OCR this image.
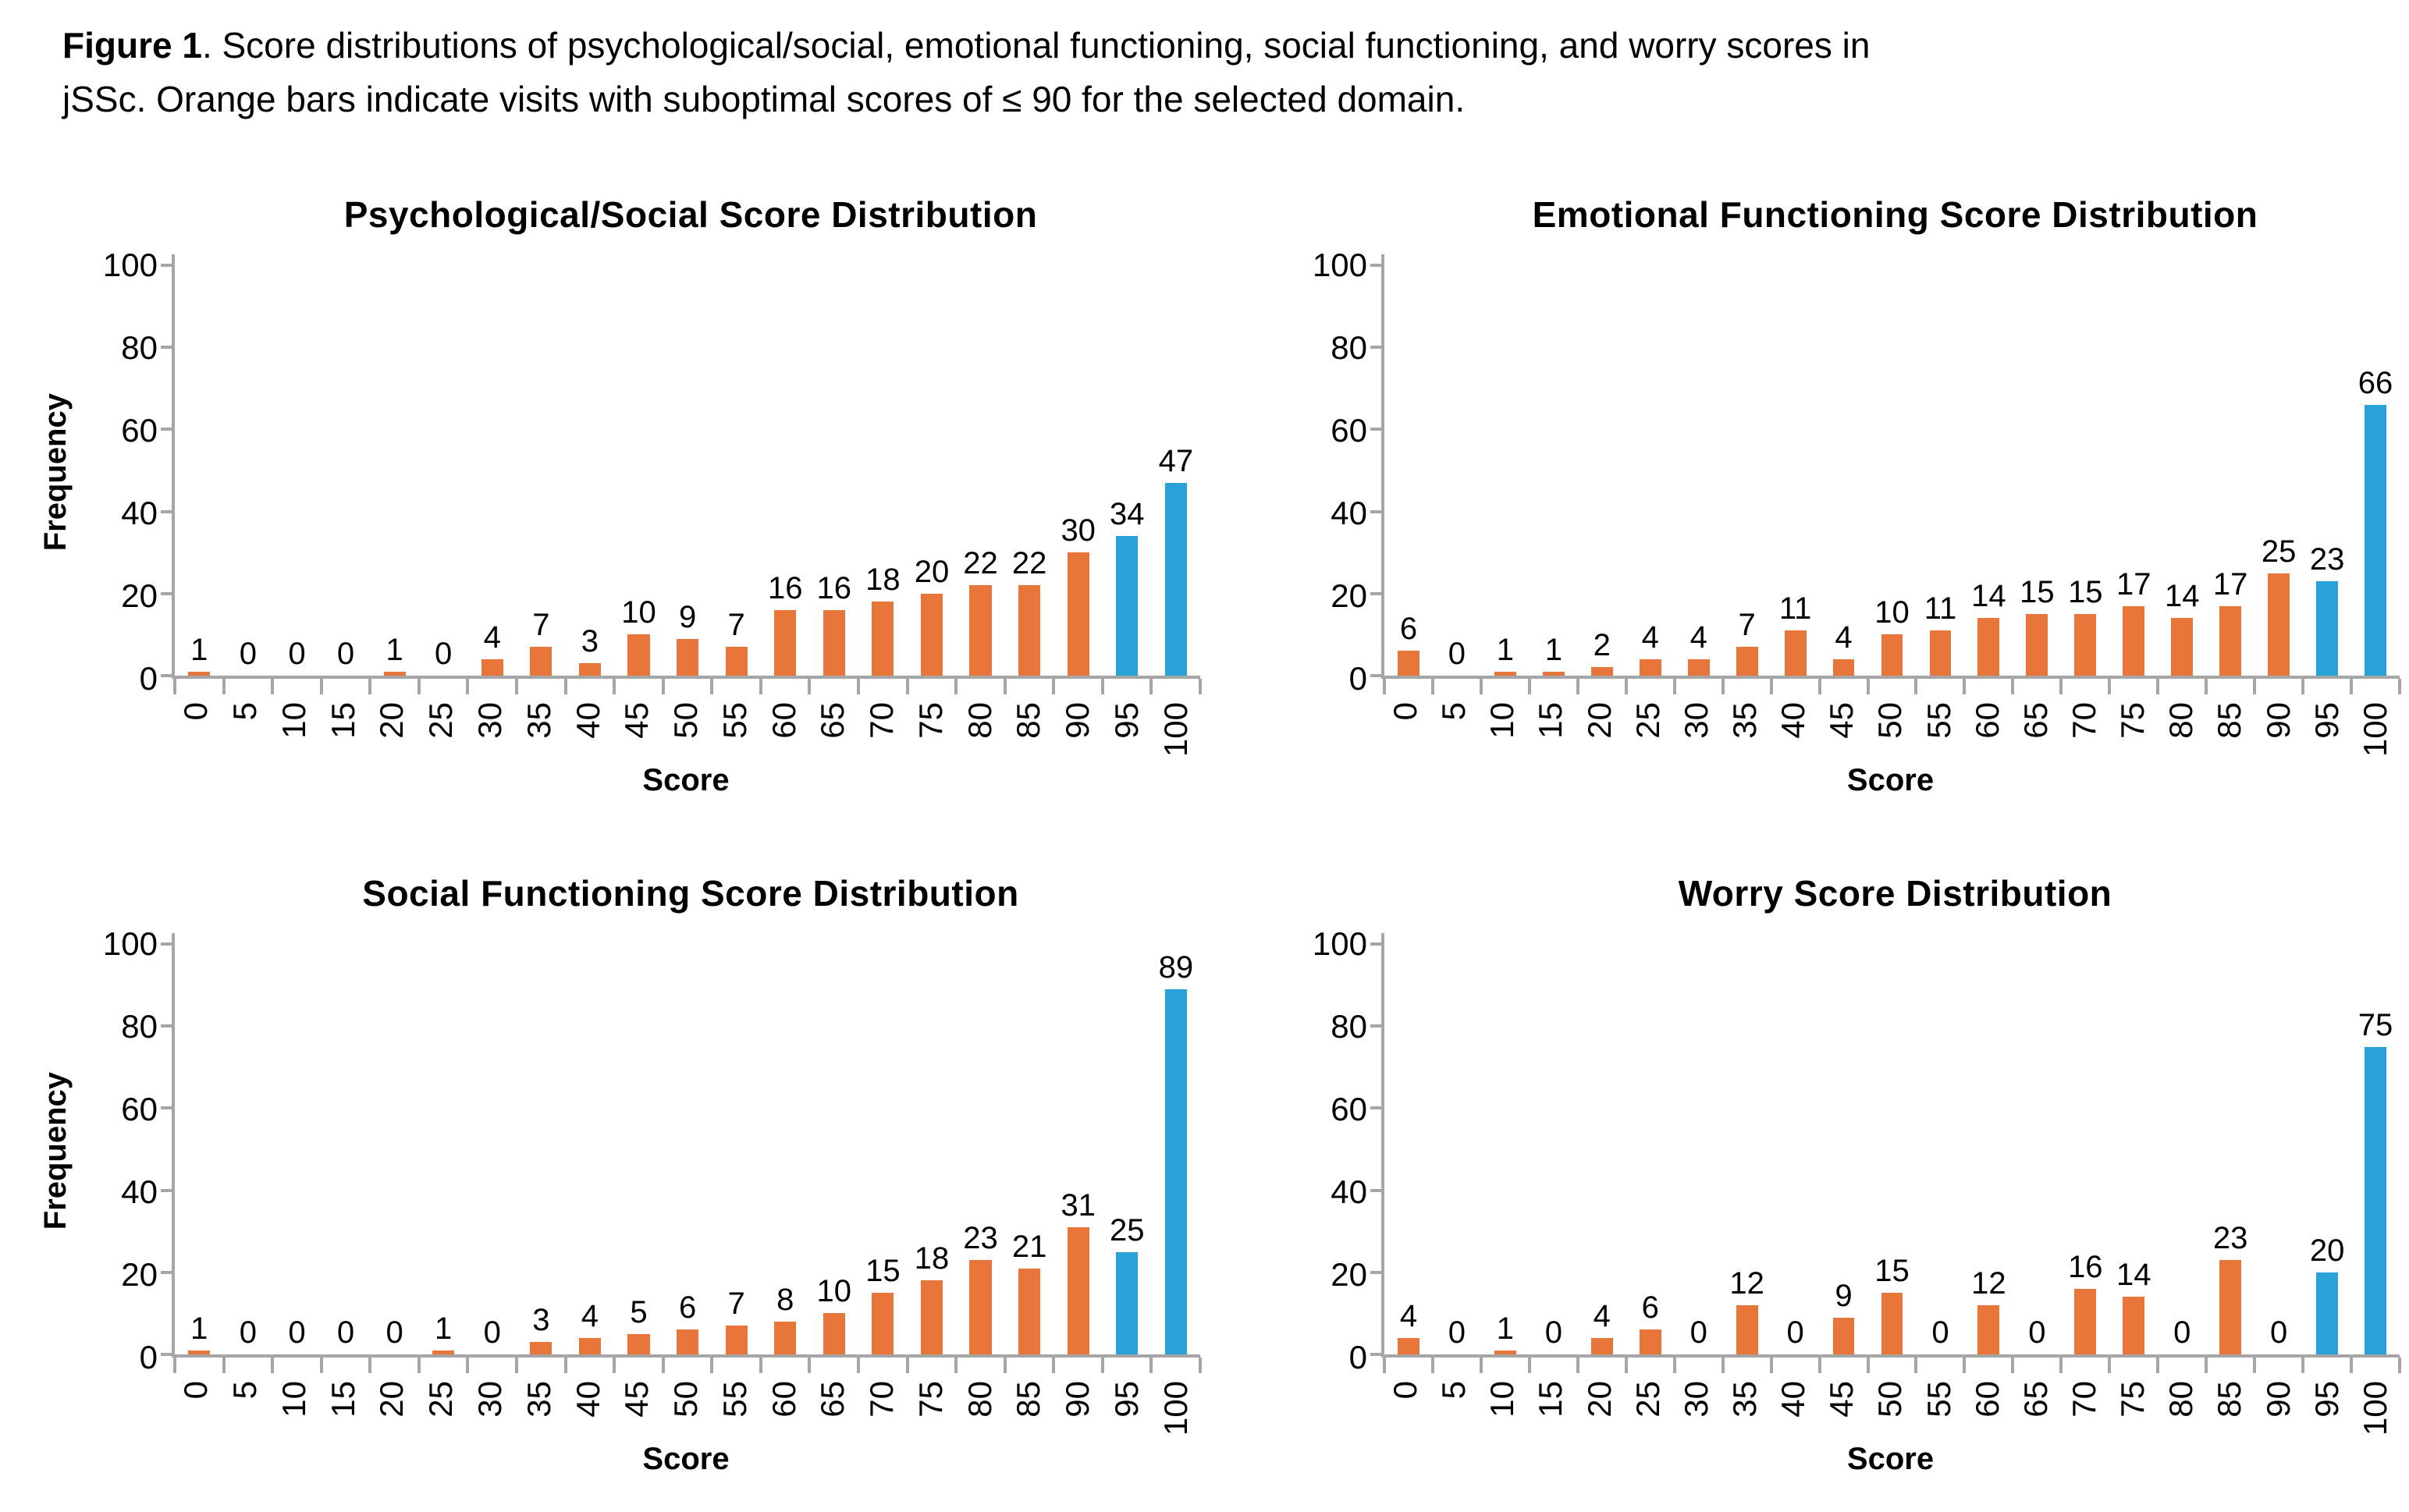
Figure 1. Score distributions of psychological/social, emotional functioning, social functioning, and worry scores in jSSc. Orange bars indicate visits with suboptimal scores of ≤ 90 for the selected domain.
Psychological/Social Score Distribution
Frequency
0
20
40
60
80
100
1 0 0 0 1 0 4 7 3
10 9 7
16 16 18 20 22 22
30 34
47
0 5 10 15 20 25 30 35 40 45 50 55 60 65 70 75 80 85 90 95 100
Score
Emotional Functioning Score Distribution
0
20
40
60
80
100
6
0 1 1 2 4 4 7 11
4
10 11 14 15 15 17 14 17
25 23
66
0 5 10 15 20 25 30 35 40 45 50 55 60 65 70 75 80 85 90 95 100
Score
Social Functioning Score Distribution
Frequency
0
20
40
60
80
100
1 0 0 0 0 1 0 3 4 5 6 7 8 10
15 18
23 21
31
25
89
0 5 10 15 20 25 30 35 40 45 50 55 60 65 70 75 80 85 90 95 100
Score
Worry Score Distribution
0
20
40
60
80
100
4 0 1 0 4 6
0
12
0
9
15
0
12
0
16 14
0
23
0
20
75
0 5 10 15 20 25 30 35 40 45 50 55 60 65 70 75 80 85 90 95 100
Score
